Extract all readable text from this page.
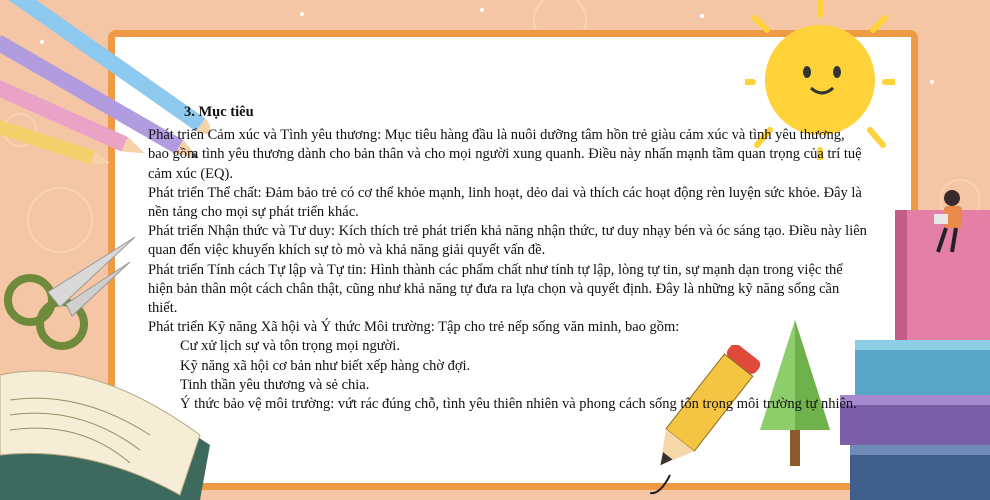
3. Mục tiêu

Phát triển Cảm xúc và Tình yêu thương: Mục tiêu hàng đầu là nuôi dưỡng tâm hồn trẻ giàu cảm xúc và tình yêu thương, bao gồm tình yêu thương dành cho bản thân và cho mọi người xung quanh. Điều này nhấn mạnh tầm quan trọng của trí tuệ cảm xúc (EQ).

Phát triển Thể chất: Đảm bảo trẻ có cơ thể khỏe mạnh, linh hoạt, dẻo dai và thích các hoạt động rèn luyện sức khỏe. Đây là nền tảng cho mọi sự phát triển khác.

Phát triển Nhận thức và Tư duy: Kích thích trẻ phát triển khả năng nhận thức, tư duy nhạy bén và óc sáng tạo. Điều này liên quan đến việc khuyến khích sự tò mò và khả năng giải quyết vấn đề.

Phát triển Tính cách Tự lập và Tự tin: Hình thành các phẩm chất như tính tự lập, lòng tự tin, sự mạnh dạn trong việc thể hiện bản thân một cách chân thật, cũng như khả năng tự đưa ra lựa chọn và quyết định. Đây là những kỹ năng sống cần thiết.

Phát triển Kỹ năng Xã hội và Ý thức Môi trường: Tập cho trẻ nếp sống văn minh, bao gồm:

Cư xử lịch sự và tôn trọng mọi người.

Kỹ năng xã hội cơ bản như biết xếp hàng chờ đợi.

Tinh thần yêu thương và sẻ chia.

Ý thức bảo vệ môi trường: vứt rác đúng chỗ, tình yêu thiên nhiên và phong cách sống tôn trọng môi trường tự nhiên.
